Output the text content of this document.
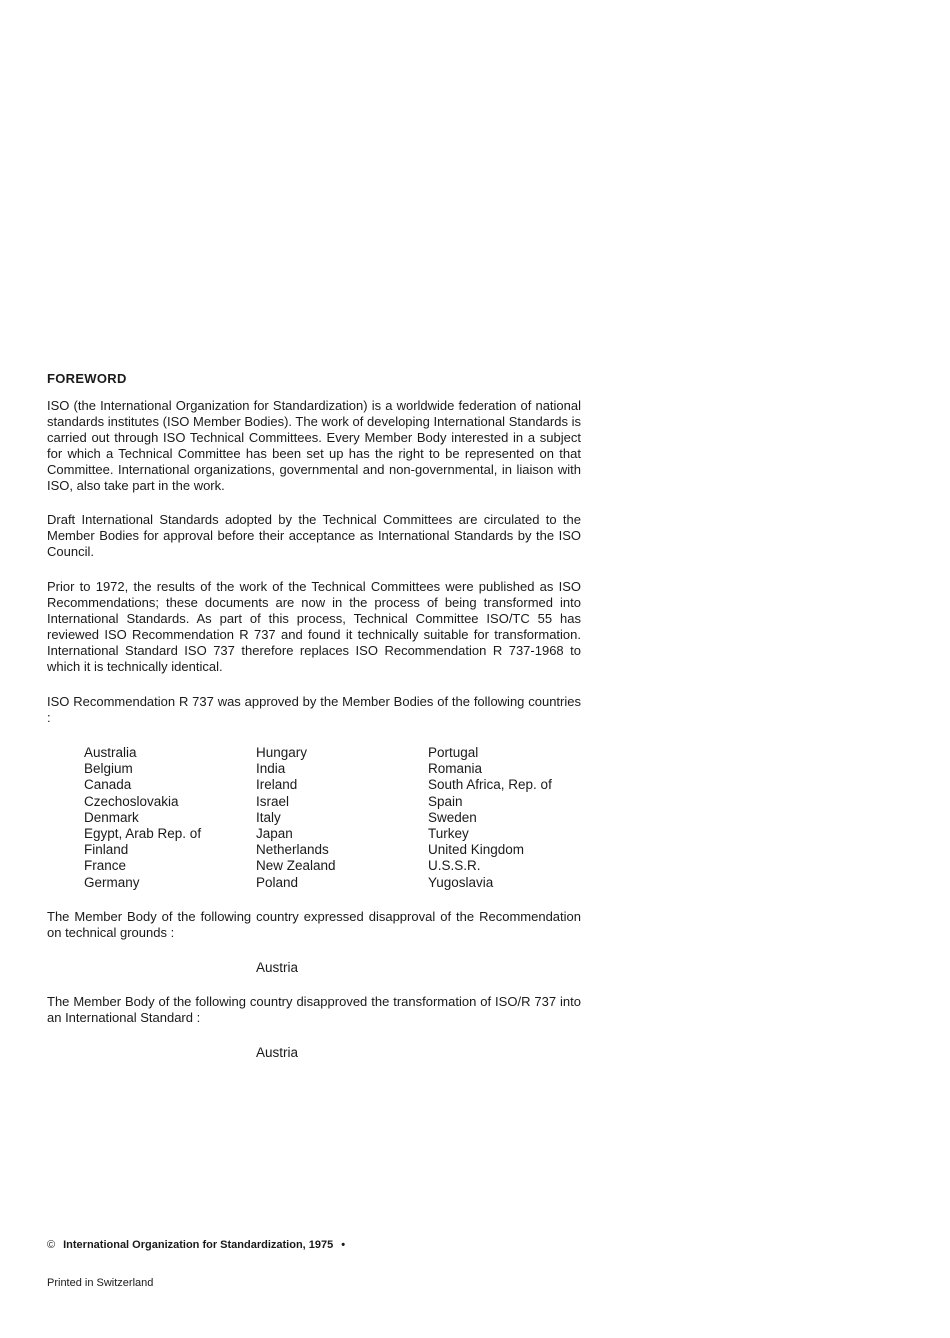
FOREWORD

ISO (the International Organization for Standardization) is a worldwide federation of national standards institutes (ISO Member Bodies). The work of developing International Standards is carried out through ISO Technical Committees. Every Member Body interested in a subject for which a Technical Committee has been set up has the right to be represented on that Committee. International organizations, governmental and non-governmental, in liaison with ISO, also take part in the work.

Draft International Standards adopted by the Technical Committees are circulated to the Member Bodies for approval before their acceptance as International Standards by the ISO Council.

Prior to 1972, the results of the work of the Technical Committees were published as ISO Recommendations; these documents are now in the process of being transformed into International Standards. As part of this process, Technical Committee ISO/TC 55 has reviewed ISO Recommendation R 737 and found it technically suitable for transformation. International Standard ISO 737 therefore replaces ISO Recommendation R 737-1968 to which it is technically identical.

ISO Recommendation R 737 was approved by the Member Bodies of the following countries :

Australia
Belgium
Canada
Czechoslovakia
Denmark
Egypt, Arab Rep. of
Finland
France
Germany
Hungary
India
Ireland
Israel
Italy
Japan
Netherlands
New Zealand
Poland
Portugal
Romania
South Africa, Rep. of
Spain
Sweden
Turkey
United Kingdom
U.S.S.R.
Yugoslavia

The Member Body of the following country expressed disapproval of the Recommendation on technical grounds :

Austria

The Member Body of the following country disapproved the transformation of ISO/R 737 into an International Standard :

Austria
© International Organization for Standardization, 1975 •
Printed in Switzerland
